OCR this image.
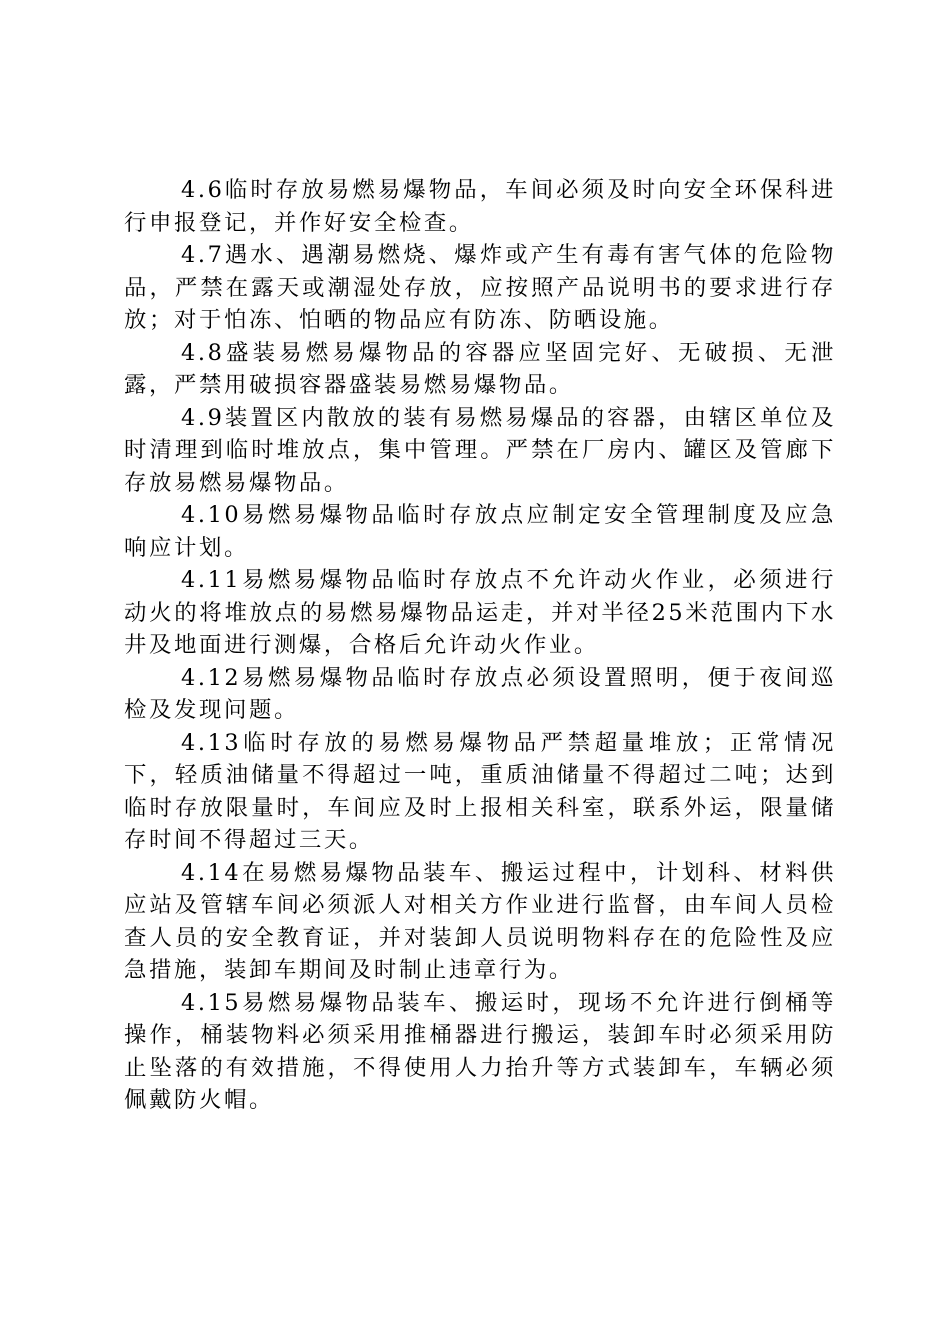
4.6临时存放易燃易爆物品，车间必须及时向安全环保科进行申报登记，并作好安全检查。

4.7遇水、遇潮易燃烧、爆炸或产生有毒有害气体的危险物品，严禁在露天或潮湿处存放，应按照产品说明书的要求进行存放；对于怕冻、怕晒的物品应有防冻、防晒设施。

4.8盛装易燃易爆物品的容器应坚固完好、无破损、无泄露，严禁用破损容器盛装易燃易爆物品。

4.9装置区内散放的装有易燃易爆品的容器，由辖区单位及时清理到临时堆放点，集中管理。严禁在厂房内、罐区及管廊下存放易燃易爆物品。

4.10易燃易爆物品临时存放点应制定安全管理制度及应急响应计划。

4.11易燃易爆物品临时存放点不允许动火作业，必须进行动火的将堆放点的易燃易爆物品运走，并对半径25米范围内下水井及地面进行测爆，合格后允许动火作业。

4.12易燃易爆物品临时存放点必须设置照明，便于夜间巡检及发现问题。

4.13临时存放的易燃易爆物品严禁超量堆放；正常情况下，轻质油储量不得超过一吨，重质油储量不得超过二吨；达到临时存放限量时，车间应及时上报相关科室，联系外运，限量储存时间不得超过三天。

4.14在易燃易爆物品装车、搬运过程中，计划科、材料供应站及管辖车间必须派人对相关方作业进行监督，由车间人员检查人员的安全教育证，并对装卸人员说明物料存在的危险性及应急措施，装卸车期间及时制止违章行为。

4.15易燃易爆物品装车、搬运时，现场不允许进行倒桶等操作，桶装物料必须采用推桶器进行搬运，装卸车时必须采用防止坠落的有效措施，不得使用人力抬升等方式装卸车，车辆必须佩戴防火帽。
